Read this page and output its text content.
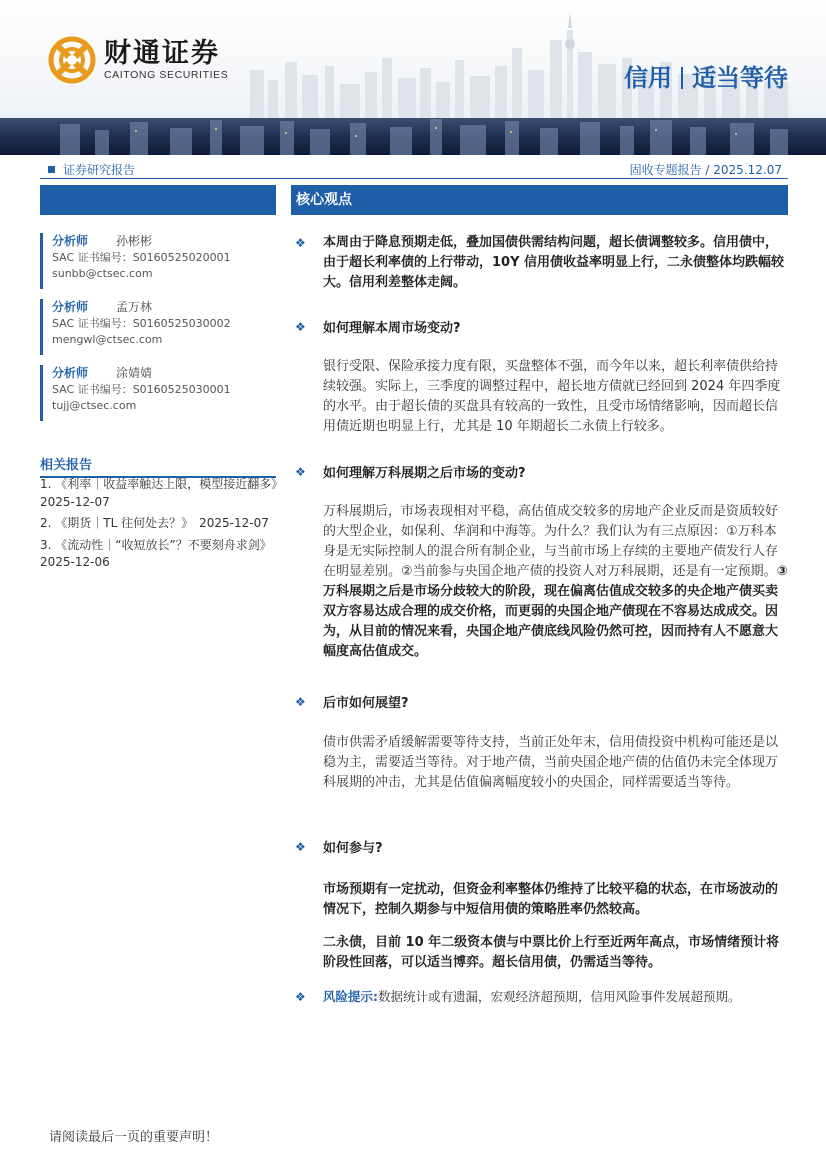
财通证券
CAITONG SECURITIES	信用 适当等待
证券研究报告	固收专题报告 / 2025.12.07
分析师 孙彬彬
SAC 证书编号：S0160525020001
sunbb@ctsec.com
分析师 孟万林
SAC 证书编号：S0160525030002
mengwl@ctsec.com
分析师 涂婧婧
SAC 证书编号：S0160525030001
tujj@ctsec.com
相关报告
1. 《利率｜收益率触达上限，模型接近翻多》　2025-12-07
2. 《期货｜TL 往何处去？》　2025-12-07
3. 《流动性｜“收短放长”？不要刻舟求剑》　2025-12-06
核心观点
❖ 本周由于降息预期走低，叠加国债供需结构问题，超长债调整较多。信用债中，由于超长利率债的上行带动，10Y 信用债收益率明显上行，二永债整体均跌幅较大。信用利差整体走阔。
❖ 如何理解本周市场变动?
银行受限、保险承接力度有限，买盘整体不强，而今年以来，超长利率债供给持续较强。实际上，三季度的调整过程中，超长地方债就已经回到 2024 年四季度的水平。由于超长债的买盘具有较高的一致性，且受市场情绪影响，因而超长信用债近期也明显上行，尤其是 10 年期超长二永债上行较多。
❖ 如何理解万科展期之后市场的变动?
万科展期后，市场表现相对平稳，高估值成交较多的房地产企业反而是资质较好的大型企业，如保利、华润和中海等。为什么？我们认为有三点原因：①万科本身是无实际控制人的混合所有制企业，与当前市场上存续的主要地产债发行人存在明显差别。②当前参与央国企地产债的投资人对万科展期，还是有一定预期。③万科展期之后是市场分歧较大的阶段，现在偏离估值成交较多的央企地产债买卖双方容易达成合理的成交价格，而更弱的央国企地产债现在不容易达成成交。因为，从目前的情况来看，央国企地产债底线风险仍然可控，因而持有人不愿意大幅度高估值成交。
❖ 后市如何展望?
债市供需矛盾缓解需要等待支持，当前正处年末，信用债投资中机构可能还是以稳为主，需要适当等待。对于地产债，当前央国企地产债的估值仍未完全体现万科展期的冲击，尤其是估值偏离幅度较小的央国企，同样需要适当等待。
❖ 如何参与?
市场预期有一定扰动，但资金利率整体仍维持了比较平稳的状态，在市场波动的情况下，控制久期参与中短信用债的策略胜率仍然较高。
二永债，目前 10 年二级资本债与中票比价上行至近两年高点，市场情绪预计将阶段性回落，可以适当博弈。超长信用债，仍需适当等待。
❖ 风险提示:数据统计或有遗漏，宏观经济超预期，信用风险事件发展超预期。
请阅读最后一页的重要声明！
